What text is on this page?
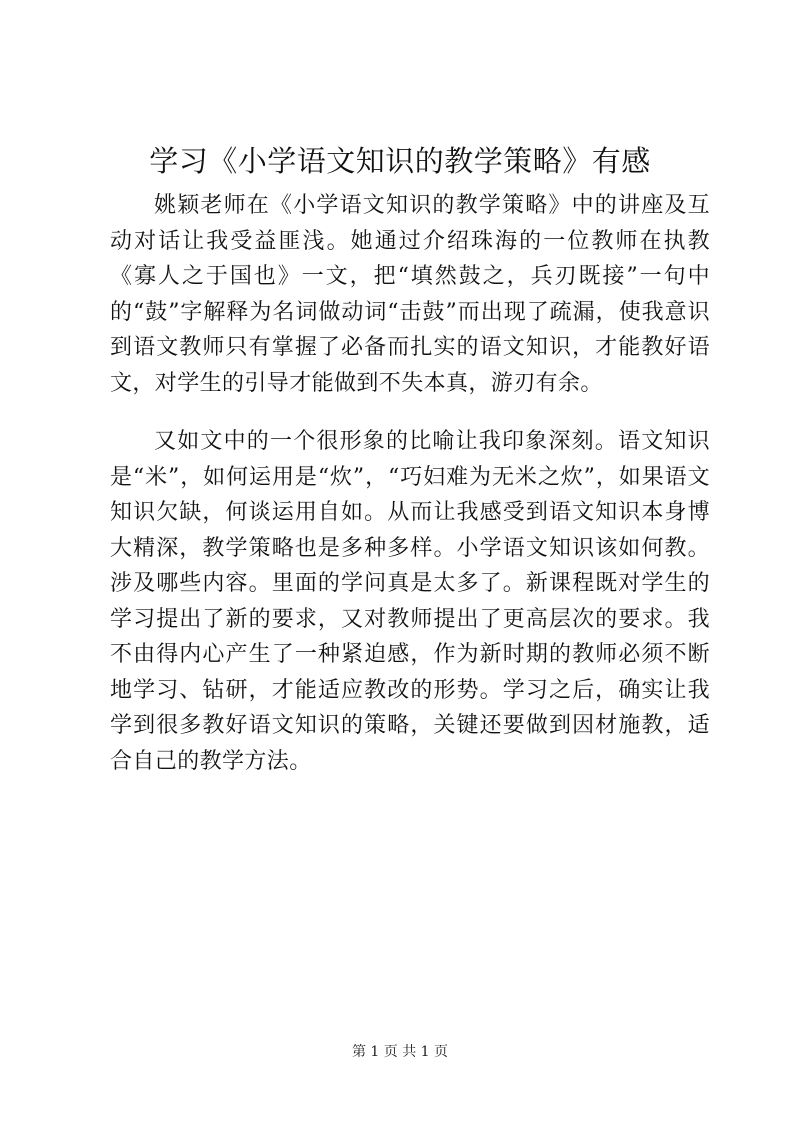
学习《小学语文知识的教学策略》有感

姚颖老师在《小学语文知识的教学策略》中的讲座及互动对话让我受益匪浅。她通过介绍珠海的一位教师在执教《寡人之于国也》一文，把“填然鼓之，兵刃既接”一句中的“鼓”字解释为名词做动词“击鼓”而出现了疏漏，使我意识到语文教师只有掌握了必备而扎实的语文知识，才能教好语文，对学生的引导才能做到不失本真，游刃有余。

又如文中的一个很形象的比喻让我印象深刻。语文知识是“米”，如何运用是“炊”，“巧妇难为无米之炊”，如果语文知识欠缺，何谈运用自如。从而让我感受到语文知识本身博大精深，教学策略也是多种多样。小学语文知识该如何教。涉及哪些内容。里面的学问真是太多了。新课程既对学生的学习提出了新的要求，又对教师提出了更高层次的要求。我不由得内心产生了一种紧迫感，作为新时期的教师必须不断地学习、钻研，才能适应教改的形势。学习之后，确实让我学到很多教好语文知识的策略，关键还要做到因材施教，适合自己的教学方法。

第 1 页 共 1 页
